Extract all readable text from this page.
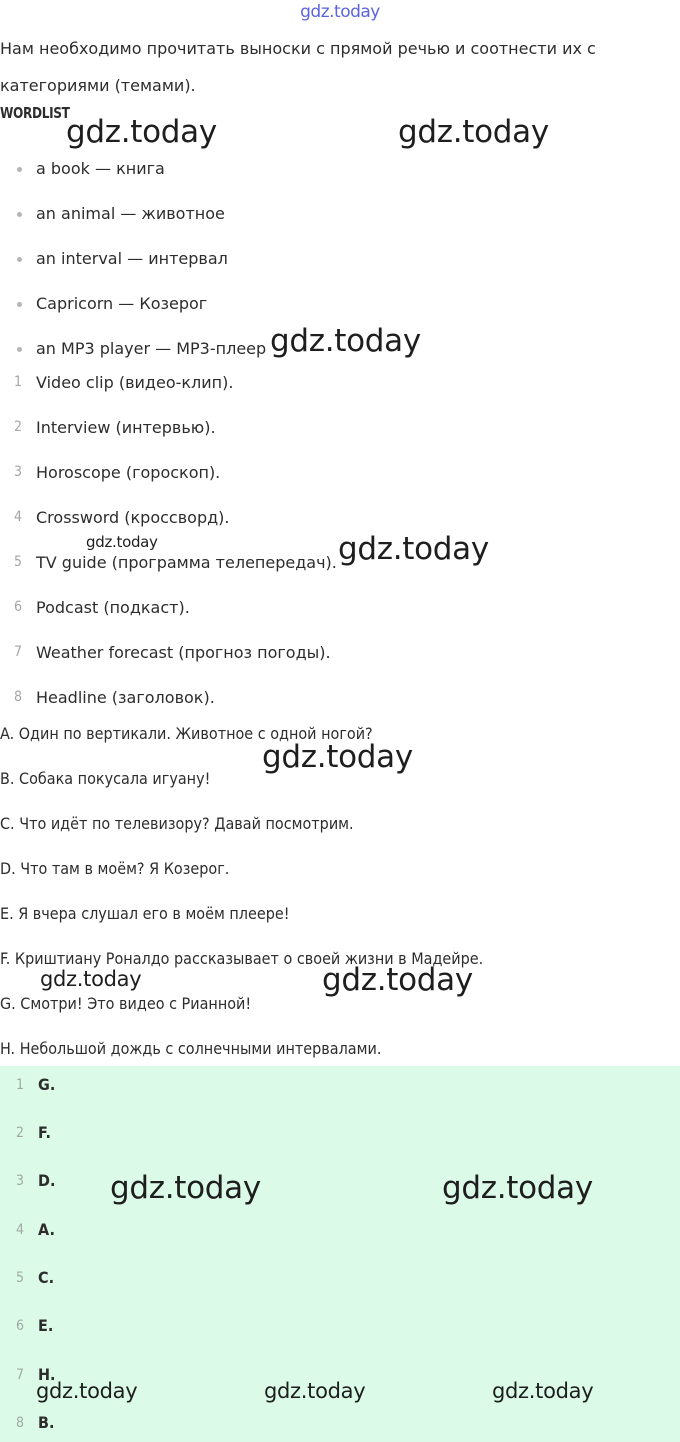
gdz.today
Нам необходимо прочитать выноски с прямой речью и соотнести их с категориями (темами).
WORDLIST
a book — книга
an animal — животное
an interval — интервал
Capricorn — Козерог
an MP3 player — MP3-плеер
1 Video clip (видео-клип).
2 Interview (интервью).
3 Horoscope (гороскоп).
4 Crossword (кроссворд).
5 TV guide (программа телепередач).
6 Podcast (подкаст).
7 Weather forecast (прогноз погоды).
8 Headline (заголовок).
A. Один по вертикали. Животное с одной ногой?
B. Собака покусала игуану!
C. Что идёт по телевизору? Давай посмотрим.
D. Что там в моём? Я Козерог.
E. Я вчера слушал его в моём плеере!
F. Криштиану Роналдо рассказывает о своей жизни в Мадейре.
G. Смотри! Это видео с Рианной!
H. Небольшой дождь с солнечными интервалами.
1 G.
2 F.
3 D.
4 A.
5 C.
6 E.
7 H.
8 B.
gdz.today	gdz.today
gdz.today
gdz.today	gdz.today
gdz.today
gdz.today	gdz.today
gdz.today	gdz.today
gdz.today	gdz.today	gdz.today
